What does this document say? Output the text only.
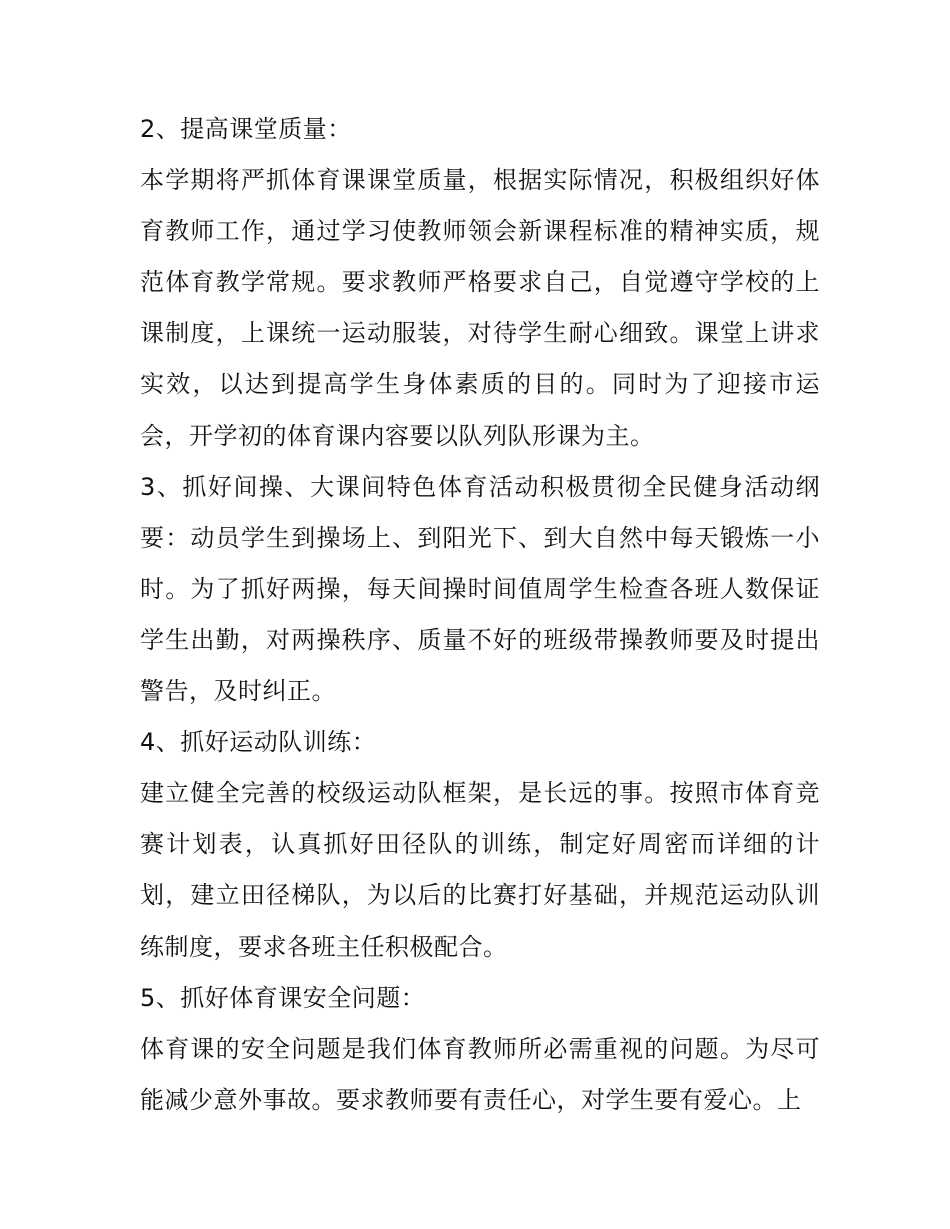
2、提高课堂质量：

本学期将严抓体育课课堂质量，根据实际情况，积极组织好体育教师工作，通过学习使教师领会新课程标准的精神实质，规范体育教学常规。要求教师严格要求自己，自觉遵守学校的上课制度，上课统一运动服装，对待学生耐心细致。课堂上讲求实效，以达到提高学生身体素质的目的。同时为了迎接市运会，开学初的体育课内容要以队列队形课为主。

3、抓好间操、大课间特色体育活动积极贯彻全民健身活动纲要：动员学生到操场上、到阳光下、到大自然中每天锻炼一小时。为了抓好两操，每天间操时间值周学生检查各班人数保证学生出勤，对两操秩序、质量不好的班级带操教师要及时提出警告，及时纠正。

4、抓好运动队训练：

建立健全完善的校级运动队框架，是长远的事。按照市体育竞赛计划表，认真抓好田径队的训练，制定好周密而详细的计划，建立田径梯队，为以后的比赛打好基础，并规范运动队训练制度，要求各班主任积极配合。

5、抓好体育课安全问题：

体育课的安全问题是我们体育教师所必需重视的问题。为尽可能减少意外事故。要求教师要有责任心，对学生要有爱心。上
